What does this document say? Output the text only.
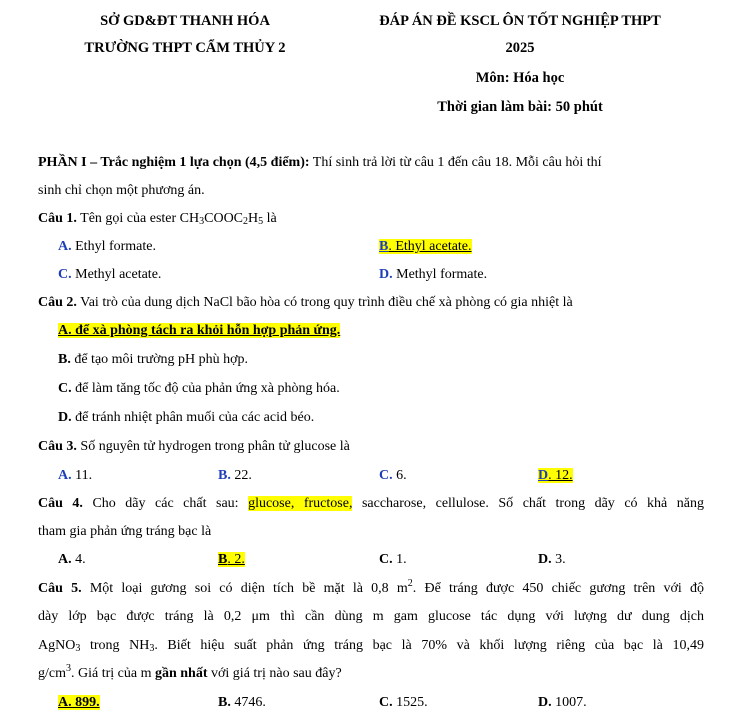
SỞ GD&ĐT THANH HÓA
TRƯỜNG THPT CẨM THỦY 2
ĐÁP ÁN ĐỀ KSCL ÔN TỐT NGHIỆP THPT
2025
Môn: Hóa học
Thời gian làm bài: 50 phút
PHẦN I – Trắc nghiệm 1 lựa chọn (4,5 điểm): Thí sinh trả lời từ câu 1 đến câu 18. Mỗi câu hỏi thí
sinh chỉ chọn một phương án.
Câu 1. Tên gọi của ester $CH_3COOC_2H_5$ là
A. Ethyl formate.	B. Ethyl acetate.
C. Methyl acetate.	D. Methyl formate.
Câu 2. Vai trò của dung dịch NaCl bão hòa có trong quy trình điều chế xà phòng có gia nhiệt là
A. để xà phòng tách ra khỏi hỗn hợp phản ứng.
B. để tạo môi trường pH phù hợp.
C. để làm tăng tốc độ của phản ứng xà phòng hóa.
D. để tránh nhiệt phân muối của các acid béo.
Câu 3. Số nguyên tử hydrogen trong phân tử glucose là
A. 11.	B. 22.	C. 6.	D. 12.
Câu 4. Cho dãy các chất sau: glucose, fructose, saccharose, cellulose. Số chất trong dãy có khả năng
tham gia phản ứng tráng bạc là
A. 4.	B. 2.	C. 1.	D. 3.
Câu 5. Một loại gương soi có diện tích bề mặt là 0,8 $m^2$. Để tráng được 450 chiếc gương trên với độ
dày lớp bạc được tráng là 0,2 μm thì cần dùng m gam glucose tác dụng với lượng dư dung dịch
AgNO$_3$ trong $NH_3$. Biết hiệu suất phản ứng tráng bạc là 70% và khối lượng riêng của bạc là 10,49
$g/cm^3$. Giá trị của m gần nhất với giá trị nào sau đây?
A. 899.	B. 4746.	C. 1525.	D. 1007.
